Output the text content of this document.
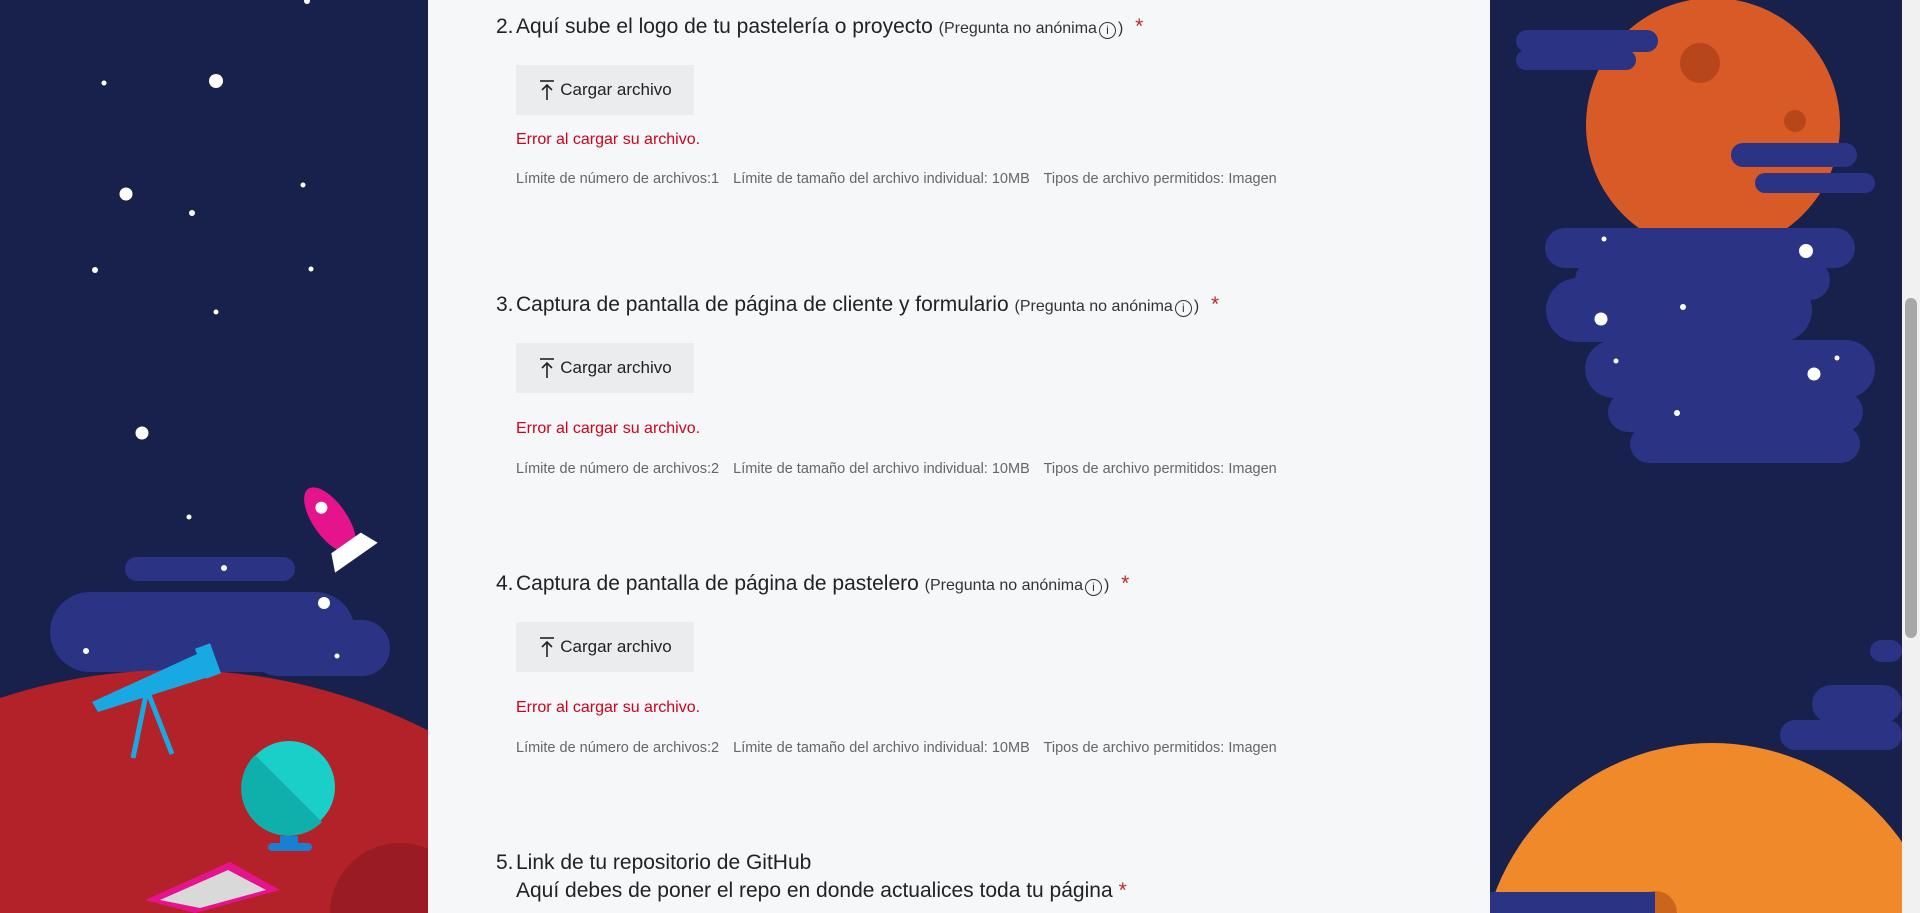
2. Aquí sube el logo de tu pastelería o proyecto (Pregunta no anónima i ) *
Cargar archivo
Error al cargar su archivo.
Límite de número de archivos:1 Límite de tamaño del archivo individual: 10MB Tipos de archivo permitidos: Imagen
3. Captura de pantalla de página de cliente y formulario (Pregunta no anónima i ) *
Cargar archivo
Error al cargar su archivo.
Límite de número de archivos:2 Límite de tamaño del archivo individual: 10MB Tipos de archivo permitidos: Imagen
4. Captura de pantalla de página de pastelero (Pregunta no anónima i ) *
Cargar archivo
Error al cargar su archivo.
Límite de número de archivos:2 Límite de tamaño del archivo individual: 10MB Tipos de archivo permitidos: Imagen
5. Link de tu repositorio de GitHub
Aquí debes de poner el repo en donde actualices toda tu página *
